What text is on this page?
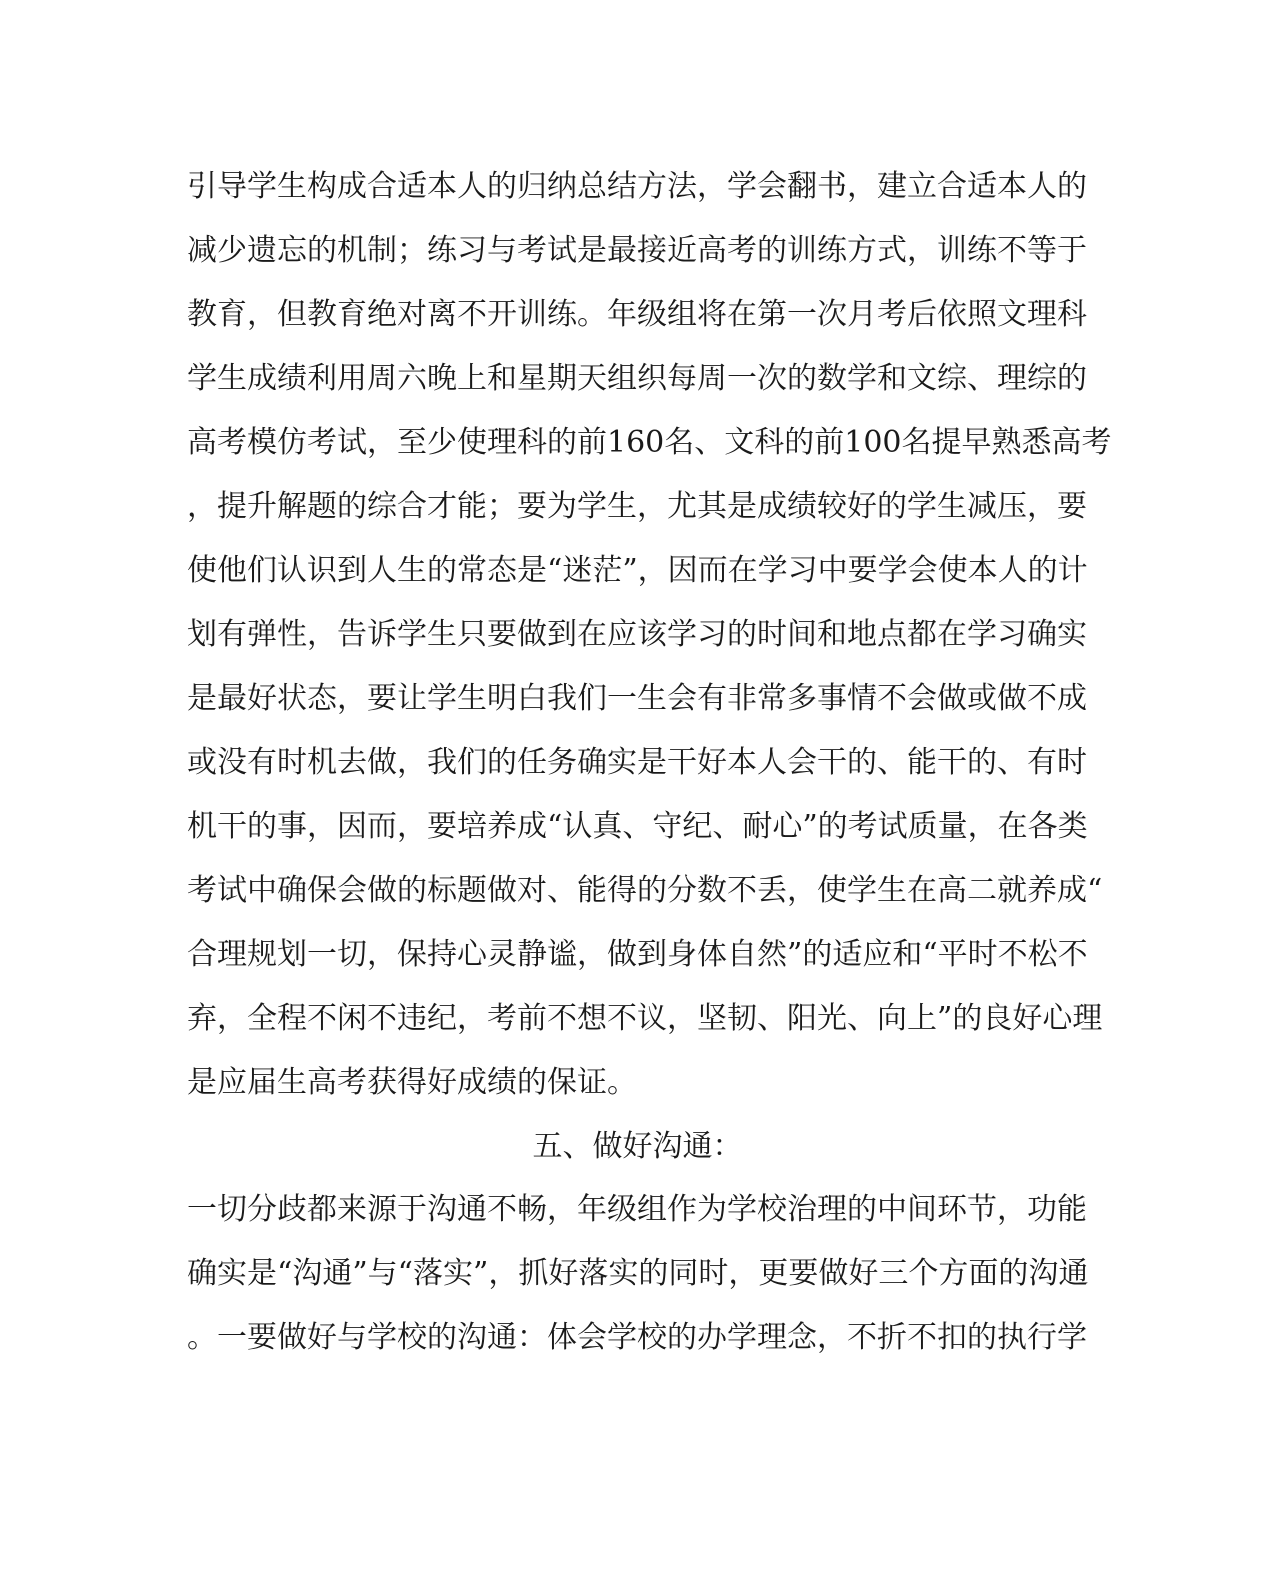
引导学生构成合适本人的归纳总结方法，学会翻书，建立合适本人的
减少遗忘的机制；练习与考试是最接近高考的训练方式，训练不等于
教育，但教育绝对离不开训练。年级组将在第一次月考后依照文理科
学生成绩利用周六晚上和星期天组织每周一次的数学和文综、理综的
高考模仿考试，至少使理科的前160名、文科的前100名提早熟悉高考
，提升解题的综合才能；要为学生，尤其是成绩较好的学生减压，要
使他们认识到人生的常态是“迷茫”，因而在学习中要学会使本人的计
划有弹性，告诉学生只要做到在应该学习的时间和地点都在学习确实
是最好状态，要让学生明白我们一生会有非常多事情不会做或做不成
或没有时机去做，我们的任务确实是干好本人会干的、能干的、有时
机干的事，因而，要培养成“认真、守纪、耐心”的考试质量，在各类
考试中确保会做的标题做对、能得的分数不丢，使学生在高二就养成“
合理规划一切，保持心灵静谧，做到身体自然”的适应和“平时不松不
弃，全程不闲不违纪，考前不想不议，坚韧、阳光、向上”的良好心理
是应届生高考获得好成绩的保证。
五、做好沟通：
一切分歧都来源于沟通不畅，年级组作为学校治理的中间环节，功能
确实是“沟通”与“落实”，抓好落实的同时，更要做好三个方面的沟通
。一要做好与学校的沟通：体会学校的办学理念，不折不扣的执行学
